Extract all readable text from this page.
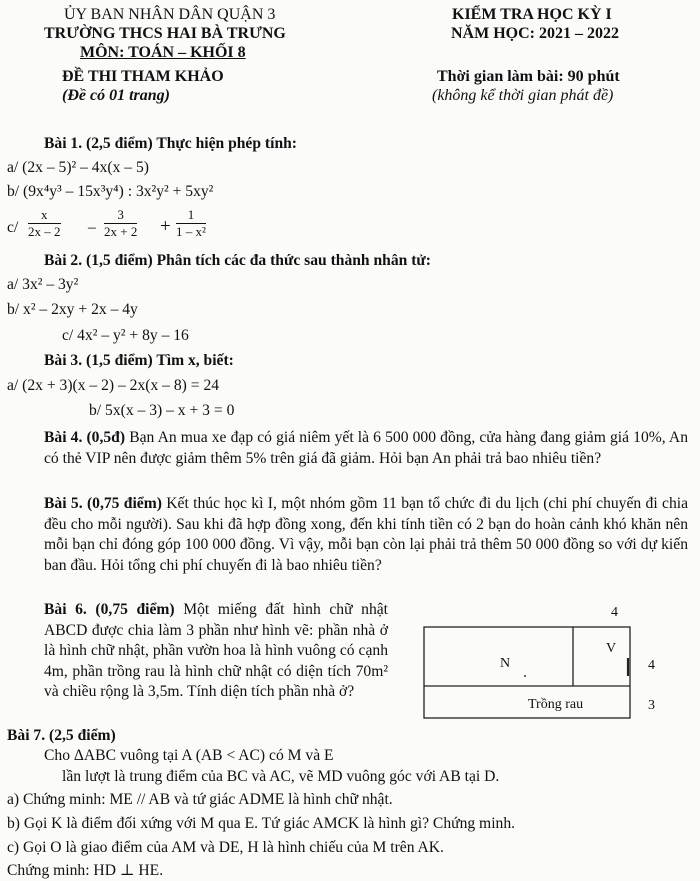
ỦY BAN NHÂN DÂN QUẬN 3
TRƯỜNG THCS HAI BÀ TRƯNG
MÔN: TOÁN – KHỐI 8
ĐỀ THI THAM KHẢO
(Đề có 01 trang)
KIỂM TRA HỌC KỲ I
NĂM HỌC: 2021 – 2022
Thời gian làm bài: 90 phút
(không kể thời gian phát đề)
Bài 1. (2,5 điểm) Thực hiện phép tính:
a/ (2x – 5)² – 4x(x – 5)
b/ (9x⁴y³ – 15x³y⁴) : 3x²y² + 5xy²
$c/ \frac{x}{2x - 2} - \frac{3}{2x + 2} + \frac{1}{\text{1 – x²}}$
Bài 2. (1,5 điểm) Phân tích các đa thức sau thành nhân tử:
a/ 3x² – 3y²
b/ x² – 2xy + 2x – 4y
c/ 4x² – y² + 8y – 16
Bài 3. (1,5 điểm) Tìm x, biết:
a/ (2x + 3)(x – 2) – 2x(x – 8) = 24
b/ 5x(x – 3) – x + 3 = 0
Bài 4. (0,5đ) Bạn An mua xe đạp có giá niêm yết là 6 500 000 đồng, cửa hàng đang giảm giá 10%, An có thẻ VIP nên được giảm thêm 5% trên giá đã giảm. Hỏi bạn An phải trả bao nhiêu tiền?
Bài 5. (0,75 điểm) Kết thúc học kì I, một nhóm gồm 11 bạn tổ chức đi du lịch (chi phí chuyến đi chia đều cho mỗi người). Sau khi đã hợp đồng xong, đến khi tính tiền có 2 bạn do hoàn cảnh khó khăn nên mỗi bạn chỉ đóng góp 100 000 đồng. Vì vậy, mỗi bạn còn lại phải trả thêm 50 000 đồng so với dự kiến ban đầu. Hỏi tổng chi phí chuyến đi là bao nhiêu tiền?
Bài 6. (0,75 điểm) Một miếng đất hình chữ nhật ABCD được chia làm 3 phần như hình vẽ: phần nhà ở là hình chữ nhật, phần vườn hoa là hình vuông có cạnh 4m, phần trồng rau là hình chữ nhật có diện tích 70m² và chiều rộng là 3,5m. Tính diện tích phần nhà ở?
4
4
3
N
V
Trồng rau
Bài 7. (2,5 điểm)
Cho ΔABC vuông tại A (AB < AC) có M và E
lần lượt là trung điểm của BC và AC, vẽ MD vuông góc với AB tại D.
a) Chứng minh: ME // AB và tứ giác ADME là hình chữ nhật.
b) Gọi K là điểm đối xứng với M qua E. Tứ giác AMCK là hình gì? Chứng minh.
c) Gọi O là giao điểm của AM và DE, H là hình chiếu của M trên AK.
Chứng minh: HD ⊥ HE.
